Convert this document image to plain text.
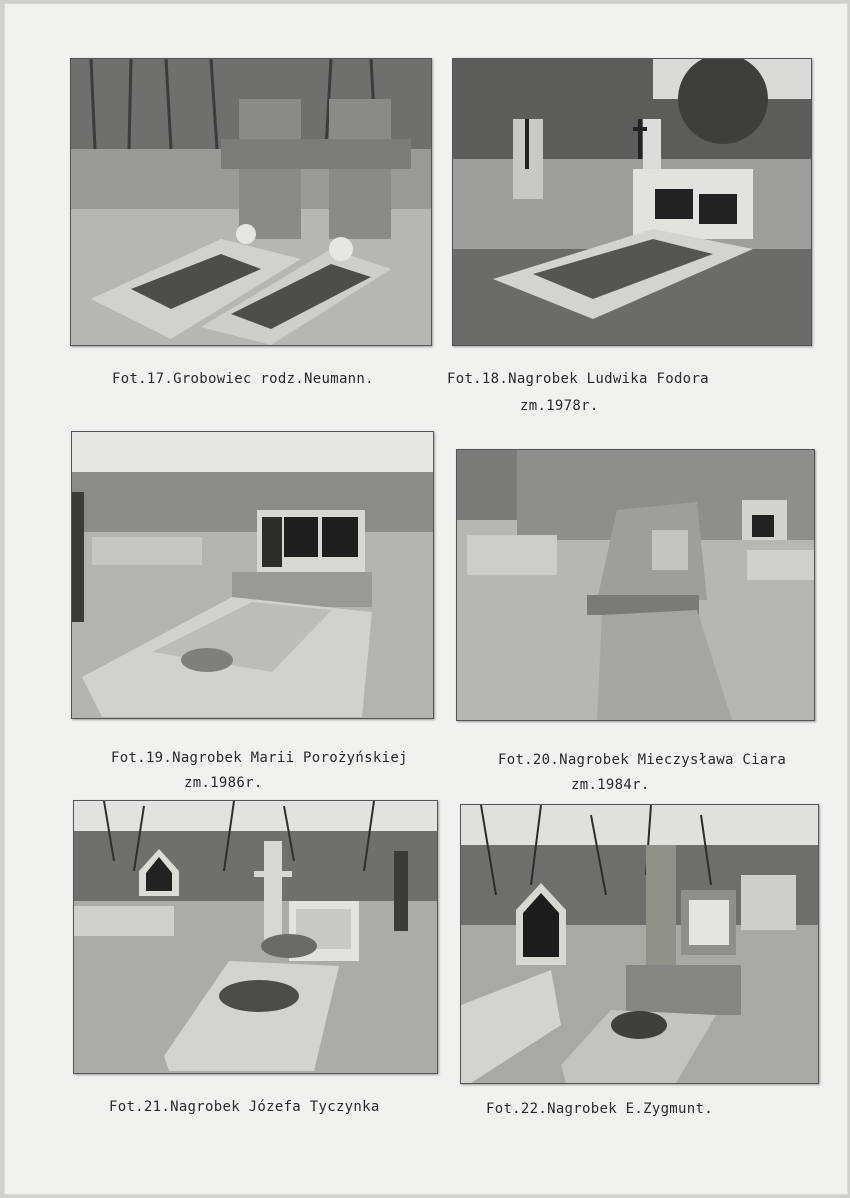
Fot.17.Grobowiec rodz.Neumann.	Fot.18.Nagrobek Ludwika Fodora
zm.1978r.
Fot.19.Nagrobek Marii Porożyńskiej
zm.1986r.
Fot.20.Nagrobek Mieczysława Ciara
zm.1984r.
Fot.21.Nagrobek Józefa Tyczynka	Fot.22.Nagrobek E.Zygmunt.
